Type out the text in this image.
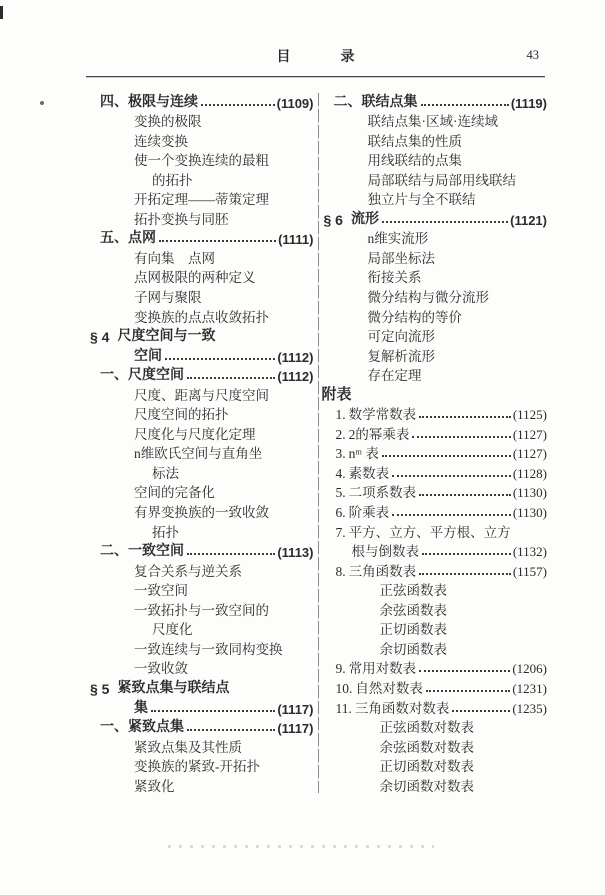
目　录	43
四、极限与连续	(1109)
变换的极限
连续变换
使一个变换连续的最粗
的拓扑
开拓定理——蒂策定理
拓扑变换与同胚
五、点网	(1111)
有向集　点网
点网极限的两种定义
子网与聚限
变换族的点点收敛拓扑
§ 4 尺度空间与一致
空间	(1112)
一、尺度空间	(1112)
尺度、距离与尺度空间
尺度空间的拓扑
尺度化与尺度化定理
n维欧氏空间与直角坐
标法
空间的完备化
有界变换族的一致收敛
拓扑
二、一致空间	(1113)
复合关系与逆关系
一致空间
一致拓扑与一致空间的
尺度化
一致连续与一致同构变换
一致收敛
§ 5 紧致点集与联结点
集	(1117)
一、紧致点集	(1117)
紧致点集及其性质
变换族的紧致-开拓扑
紧致化
二、联结点集	(1119)
联结点集·区域·连续域
联结点集的性质
用线联结的点集
局部联结与局部用线联结
独立片与全不联结
§ 6 流形	(1121)
n维实流形
局部坐标法
衔接关系
微分结构与微分流形
微分结构的等价
可定向流形
复解析流形
存在定理
附表
1. 数学常数表	(1125)
2. 2的幂乘表	(1127)
3. nᵐ 表	(1127)
4. 素数表	(1128)
5. 二项系数表	(1130)
6. 阶乘表	(1130)
7. 平方、立方、平方根、立方
根与倒数表	(1132)
8. 三角函数表	(1157)
正弦函数表
余弦函数表
正切函数表
余切函数表
9. 常用对数表	(1206)
10. 自然对数表	(1231)
11. 三角函数对数表	(1235)
正弦函数对数表
余弦函数对数表
正切函数对数表
余切函数对数表
